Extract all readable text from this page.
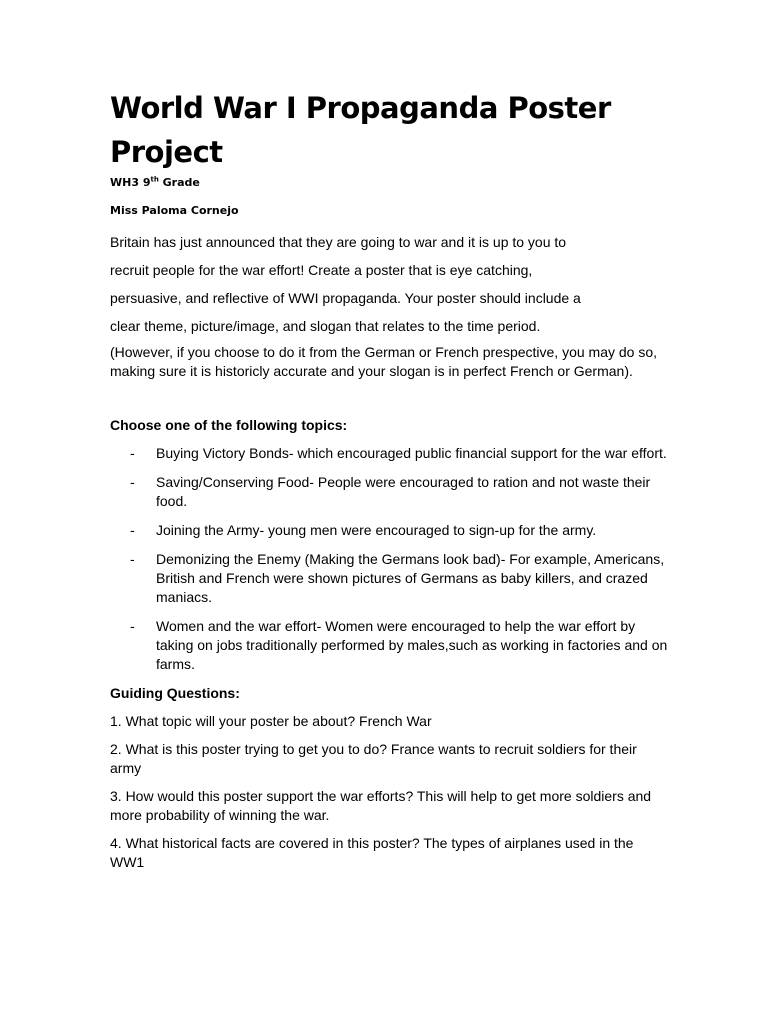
World War I Propaganda Poster Project
WH3 9th Grade
Miss Paloma Cornejo
Britain has just announced that they are going to war and it is up to you to
recruit people for the war effort! Create a poster that is eye catching,
persuasive, and reflective of WWI propaganda. Your poster should include a
clear theme, picture/image, and slogan that relates to the time period.

(However, if you choose to do it from the German or French prespective, you may do so, making sure it is historicly accurate and your slogan is in perfect French or German).

Choose one of the following topics:
- Buying Victory Bonds- which encouraged public financial support for the war effort.
- Saving/Conserving Food- People were encouraged to ration and not waste their food.
- Joining the Army- young men were encouraged to sign-up for the army.
- Demonizing the Enemy (Making the Germans look bad)- For example, Americans, British and French were shown pictures of Germans as baby killers, and crazed maniacs.
- Women and the war effort- Women were encouraged to help the war effort by taking on jobs traditionally performed by males,such as working in factories and on farms.
Guiding Questions:
1. What topic will your poster be about? French War
2. What is this poster trying to get you to do? France wants to recruit soldiers for their army
3. How would this poster support the war efforts? This will help to get more soldiers and more probability of winning the war.
4. What historical facts are covered in this poster? The types of airplanes used in the WW1
